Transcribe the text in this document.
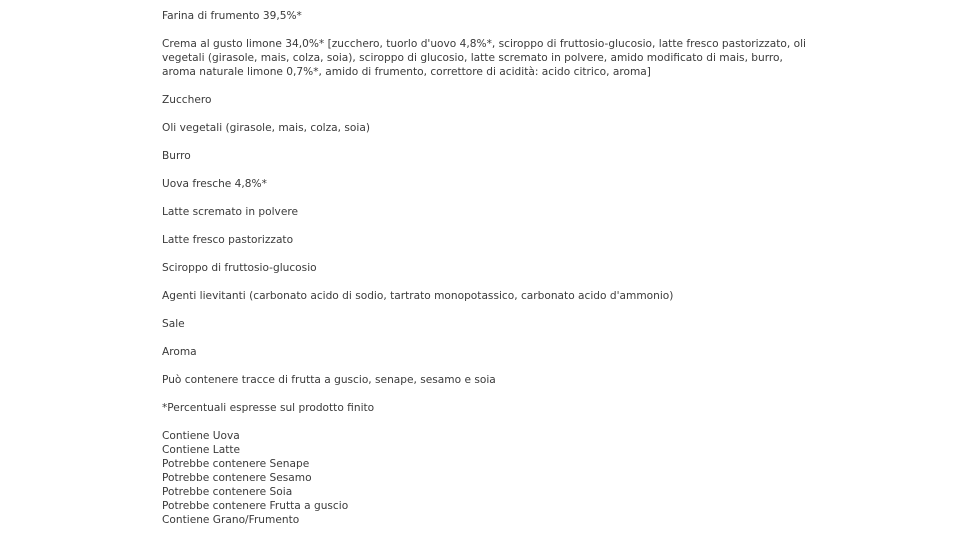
Farina di frumento 39,5%*

Crema al gusto limone 34,0%* [zucchero, tuorlo d'uovo 4,8%*, sciroppo di fruttosio-glucosio, latte fresco pastorizzato, oli vegetali (girasole, mais, colza, soia), sciroppo di glucosio, latte scremato in polvere, amido modificato di mais, burro, aroma naturale limone 0,7%*, amido di frumento, correttore di acidità: acido citrico, aroma]

Zucchero

Oli vegetali (girasole, mais, colza, soia)

Burro

Uova fresche 4,8%*

Latte scremato in polvere

Latte fresco pastorizzato

Sciroppo di fruttosio-glucosio

Agenti lievitanti (carbonato acido di sodio, tartrato monopotassico, carbonato acido d'ammonio)

Sale

Aroma

Può contenere tracce di frutta a guscio, senape, sesamo e soia

*Percentuali espresse sul prodotto finito

Contiene Uova
Contiene Latte
Potrebbe contenere Senape
Potrebbe contenere Sesamo
Potrebbe contenere Soia
Potrebbe contenere Frutta a guscio
Contiene Grano/Frumento
